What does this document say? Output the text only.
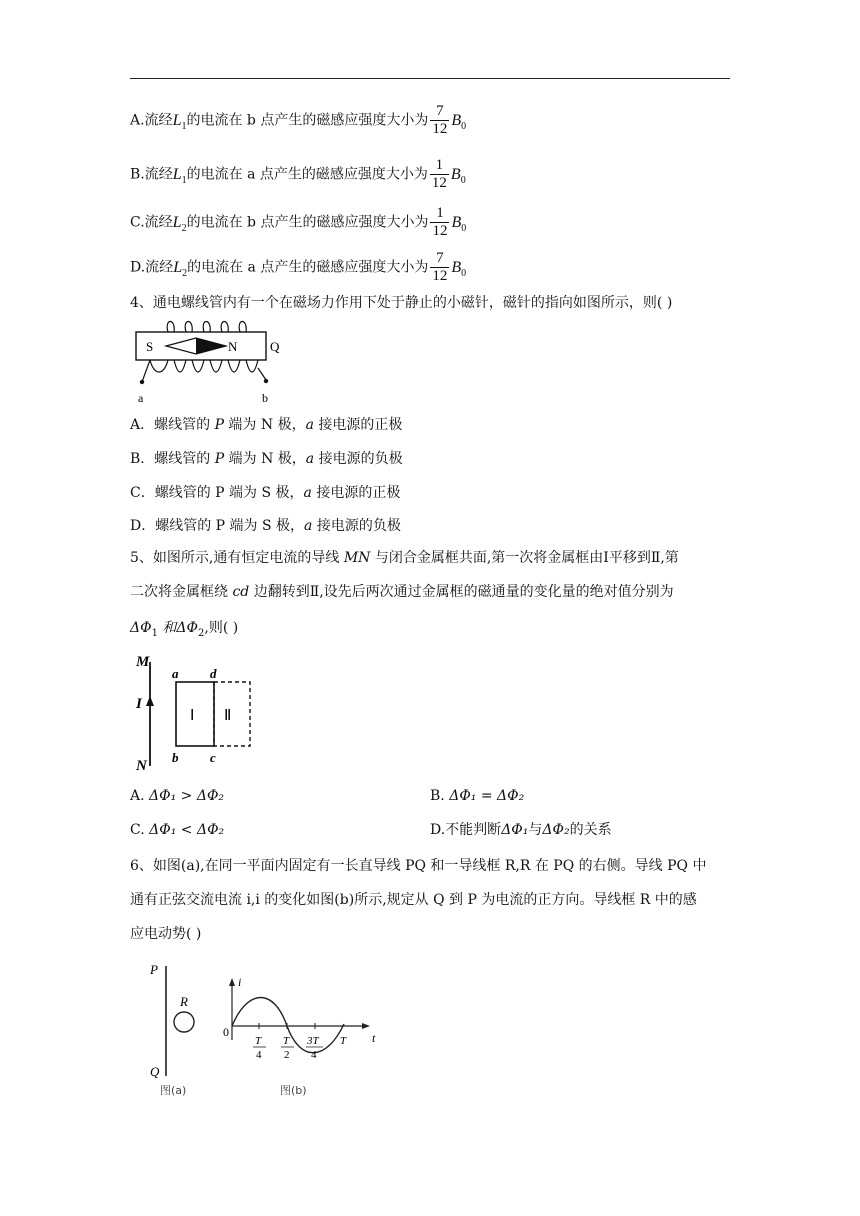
A.流经$L_1$的电流在 b 点产生的磁感应强度大小为 $\frac{7}{12} B_0$
B.流经$L_1$的电流在 a 点产生的磁感应强度大小为 $\frac{1}{12} B_0$
C.流经$L_2$的电流在 b 点产生的磁感应强度大小为 $\frac{1}{12} B_0$
D.流经$L_2$的电流在 a 点产生的磁感应强度大小为 $\frac{7}{12} B_0$
4、通电螺线管内有一个在磁场力作用下处于静止的小磁针，磁针的指向如图所示，则( )
S	N	Q
a	b
A．螺线管的 P 端为 N 极，a 接电源的正极
B．螺线管的 P 端为 N 极，a 接电源的负极
C．螺线管的 P 端为 S 极，a 接电源的正极
D．螺线管的 P 端为 S 极，a 接电源的负极
5、如图所示,通有恒定电流的导线 MN 与闭合金属框共面,第一次将金属框由Ⅰ平移到Ⅱ,第
二次将金属框绕 cd 边翻转到Ⅱ,设先后两次通过金属框的磁通量的变化量的绝对值分别为
$\Delta\Phi_1$ 和$\Delta\Phi_2$,则( )
M
I
N
a d
b c
Ⅰ Ⅱ
A. ΔΦ₁ > ΔΦ₂	B. ΔΦ₁ = ΔΦ₂
C. ΔΦ₁ < ΔΦ₂	D.不能判断ΔΦ₁与ΔΦ₂的关系
6、如图(a),在同一平面内固定有一长直导线 PQ 和一导线框 R,R 在 PQ 的右侧。导线 PQ 中
通有正弦交流电流 i,i 的变化如图(b)所示,规定从 Q 到 P 为电流的正方向。导线框 R 中的感
应电动势( )
P
Q
R
图(a)
i
t
0
T
4
T
2
3T
4
T
图(b)
